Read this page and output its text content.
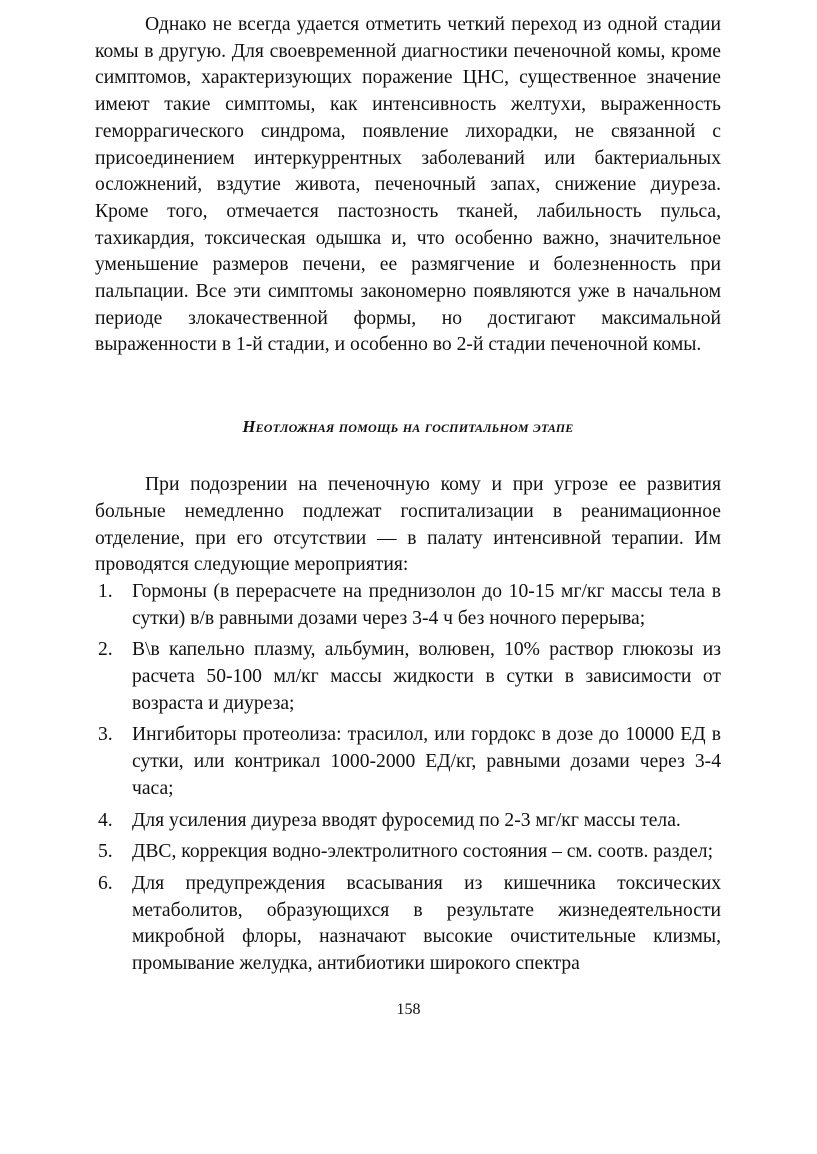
Однако не всегда удается отметить четкий переход из одной стадии комы в другую. Для своевременной диагностики печеночной комы, кроме симптомов, характеризующих поражение ЦНС, существенное значение имеют такие симптомы, как интенсивность желтухи, выраженность геморрагического синдрома, появление лихорадки, не связанной с присоединением интеркуррентных заболеваний или бактериальных осложнений, вздутие живота, печеночный запах, снижение диуреза. Кроме того, отмечается пастозность тканей, лабильность пульса, тахикардия, токсическая одышка и, что особенно важно, значительное уменьшение размеров печени, ее размягчение и болезненность при пальпации. Все эти симптомы закономерно появляются уже в начальном периоде злокачественной формы, но достигают максимальной выраженности в 1-й стадии, и особенно во 2-й стадии печеночной комы.

Неотложная помощь на госпитальном этапе

При подозрении на печеночную кому и при угрозе ее развития больные немедленно подлежат госпитализации в реанимационное отделение, при его отсутствии — в палату интенсивной терапии. Им проводятся следующие мероприятия:

1. Гормоны (в перерасчете на преднизолон до 10-15 мг/кг массы тела в сутки) в/в равными дозами через 3-4 ч без ночного перерыва;
2. В\в капельно плазму, альбумин, волювен, 10% раствор глюкозы из расчета 50-100 мл/кг массы жидкости в сутки в зависимости от возраста и диуреза;
3. Ингибиторы протеолиза: трасилол, или гордокс в дозе до 10000 ЕД в сутки, или контрикал 1000-2000 ЕД/кг, равными дозами через 3-4 часа;
4. Для усиления диуреза вводят фуросемид по 2-3 мг/кг массы тела.
5. ДВС, коррекция водно-электролитного состояния – см. соотв. раздел;
6. Для предупреждения всасывания из кишечника токсических метаболитов, образующихся в результате жизнедеятельности микробной флоры, назначают высокие очистительные клизмы, промывание желудка, антибиотики широкого спектра
158
